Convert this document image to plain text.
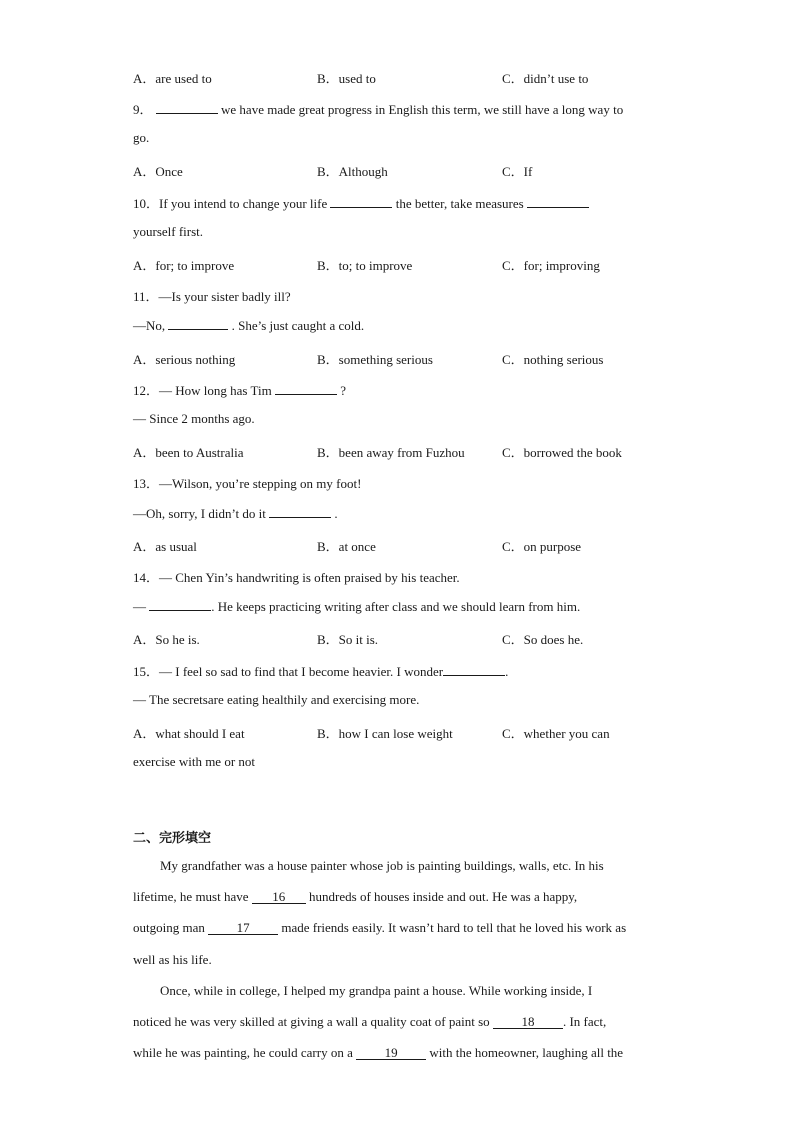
A．are used to	B．used to	C．didn’t use to
9．	we have made great progress in English this term, we still have a long way to
go.
A．Once	B．Although	C．If
10．If you intend to change your life	the better, take measures
yourself first.
A．for; to improve	B．to; to improve	C．for; improving
11．—Is your sister badly ill?
—No,	. She’s just caught a cold.
A．serious nothing	B．something serious	C．nothing serious
12．— How long has Tim	?
— Since 2 months ago.
A．been to Australia	B．been away from Fuzhou	C．borrowed the book
13．—Wilson, you’re stepping on my foot!
—Oh, sorry, I didn’t do it	.
A．as usual	B．at once	C．on purpose
14．— Chen Yin’s handwriting is often praised by his teacher.
—	. He keeps practicing writing after class and we should learn from him.
A．So he is.	B．So it is.	C．So does he.
15．— I feel so sad to find that I become heavier. I wonder	.
— The secretsare eating healthily and exercising more.
A．what should I eat	B．how I can lose weight	C．whether you can
exercise with me or not
二、完形填空
My grandfather was a house painter whose job is painting buildings, walls, etc. In his
lifetime, he must have 16 hundreds of houses inside and out. He was a happy,
outgoing man 17 made friends easily. It wasn’t hard to tell that he loved his work as
well as his life.
Once, while in college, I helped my grandpa paint a house. While working inside, I
noticed he was very skilled at giving a wall a quality coat of paint so 18 . In fact,
while he was painting, he could carry on a 19 with the homeowner, laughing all the
